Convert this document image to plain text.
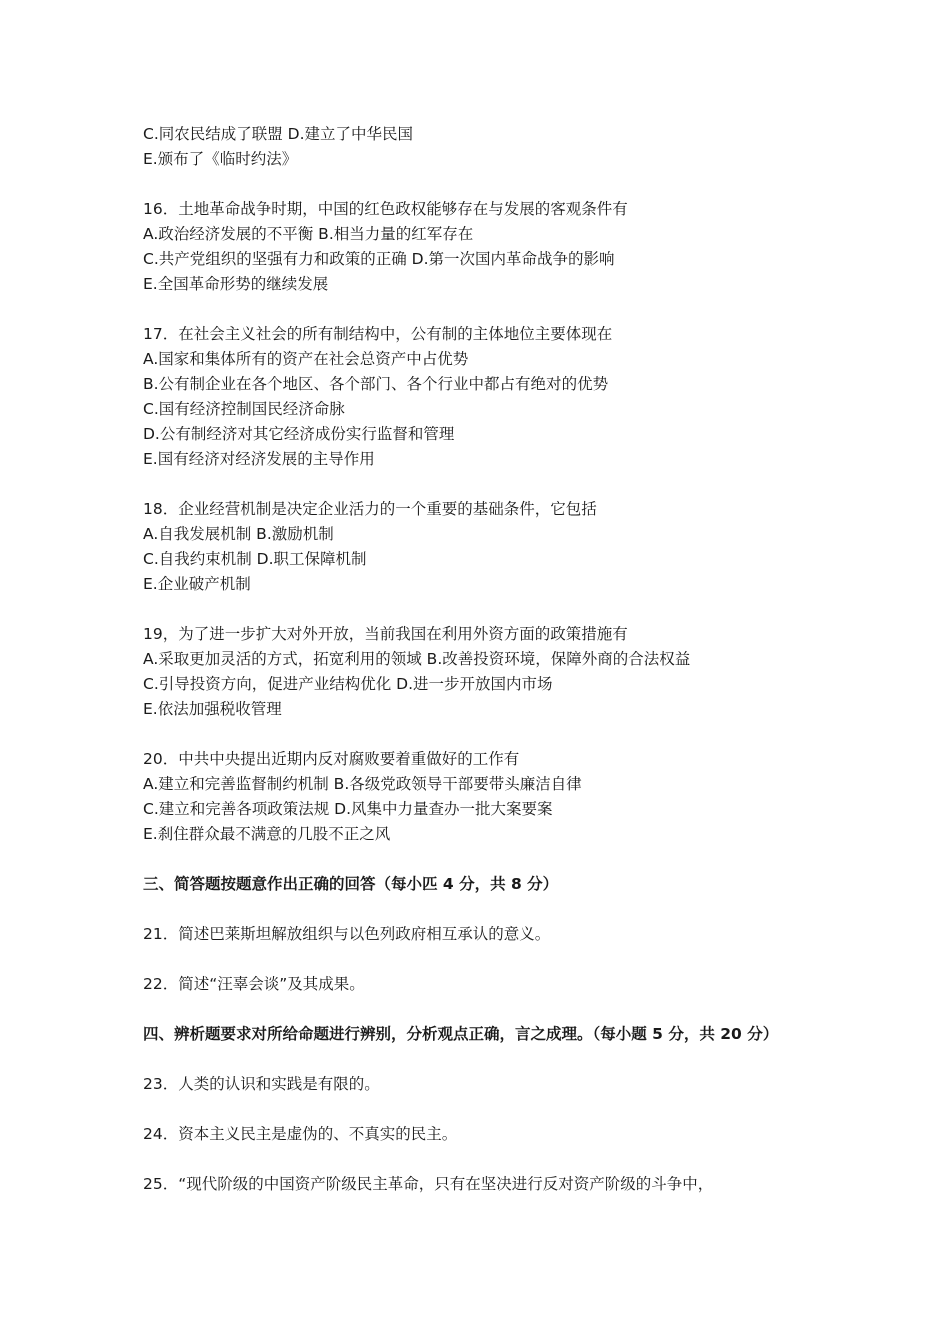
C.同农民结成了联盟 D.建立了中华民国
E.颁布了《临时约法》
16．土地革命战争时期，中国的红色政权能够存在与发展的客观条件有
A.政治经济发展的不平衡 B.相当力量的红军存在
C.共产党组织的坚强有力和政策的正确 D.第一次国内革命战争的影响
E.全国革命形势的继续发展
17．在社会主义社会的所有制结构中，公有制的主体地位主要体现在
A.国家和集体所有的资产在社会总资产中占优势
B.公有制企业在各个地区、各个部门、各个行业中都占有绝对的优势
C.国有经济控制国民经济命脉
D.公有制经济对其它经济成份实行监督和管理
E.国有经济对经济发展的主导作用
18．企业经营机制是决定企业活力的一个重要的基础条件，它包括
A.自我发展机制 B.激励机制
C.自我约束机制 D.职工保障机制
E.企业破产机制
19，为了进一步扩大对外开放，当前我国在利用外资方面的政策措施有
A.采取更加灵活的方式，拓宽利用的领域 B.改善投资环境，保障外商的合法权益
C.引导投资方向，促进产业结构优化 D.进一步开放国内市场
E.依法加强税收管理
20．中共中央提出近期内反对腐败要着重做好的工作有
A.建立和完善监督制约机制 B.各级党政领导干部要带头廉洁自律
C.建立和完善各项政策法规 D.风集中力量查办一批大案要案
E.刹住群众最不满意的几股不正之风
三、简答题按题意作出正确的回答（每小匹 4 分，共 8 分）
21．简述巴莱斯坦解放组织与以色列政府相互承认的意义。
22．简述“汪辜会谈”及其成果。
四、辨析题要求对所给命题进行辨别，分析观点正确，言之成理。（每小题 5 分，共 20 分）
23．人类的认识和实践是有限的。
24．资本主义民主是虚伪的、不真实的民主。
25．“现代阶级的中国资产阶级民主革命，只有在坚决进行反对资产阶级的斗争中，
